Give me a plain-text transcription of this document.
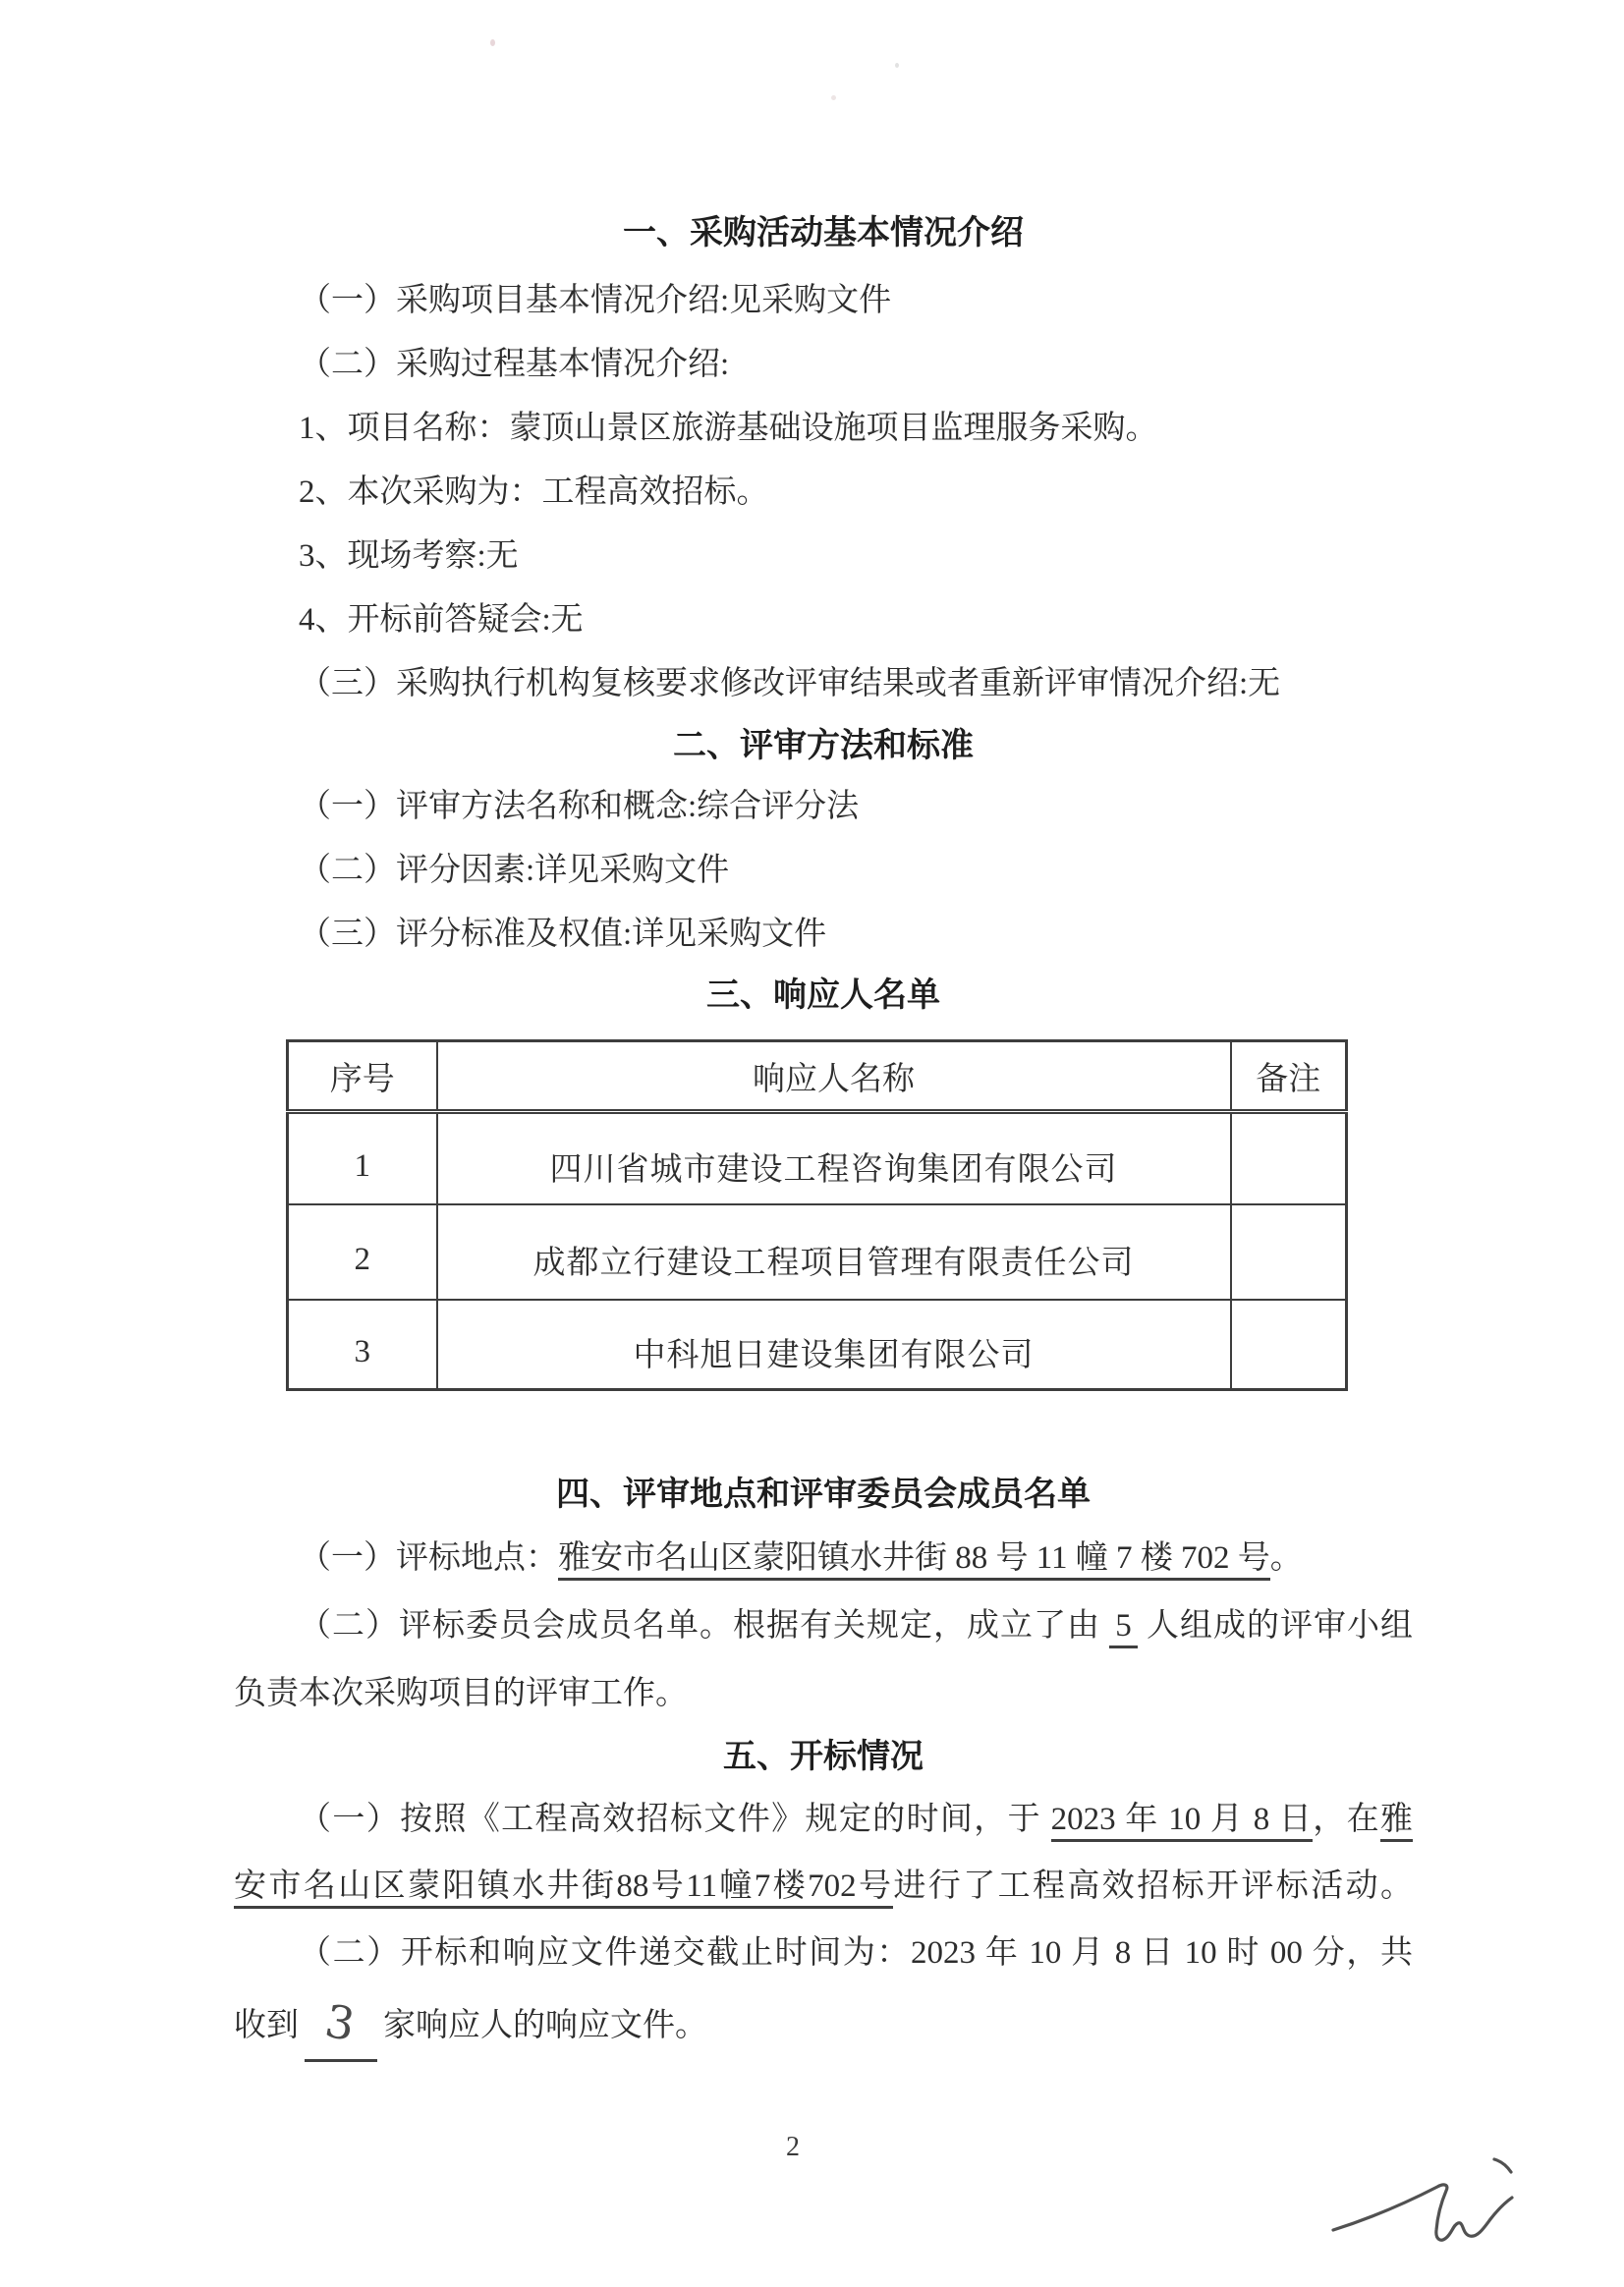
一、采购活动基本情况介绍

（一）采购项目基本情况介绍:见采购文件

（二）采购过程基本情况介绍:

1、项目名称：蒙顶山景区旅游基础设施项目监理服务采购。

2、本次采购为：工程高效招标。

3、现场考察:无

4、开标前答疑会:无

（三）采购执行机构复核要求修改评审结果或者重新评审情况介绍:无

二、评审方法和标准

（一）评审方法名称和概念:综合评分法

（二）评分因素:详见采购文件

（三）评分标准及权值:详见采购文件

三、响应人名单
序号	响应人名称	备注
1	四川省城市建设工程咨询集团有限公司	
2	成都立行建设工程项目管理有限责任公司	
3	中科旭日建设集团有限公司	
四、评审地点和评审委员会成员名单

（一）评标地点：雅安市名山区蒙阳镇水井街 88 号 11 幢 7 楼 702 号。

（二）评标委员会成员名单。根据有关规定，成立了由 5 人组成的评审小组

负责本次采购项目的评审工作。

五、开标情况

（一）按照《工程高效招标文件》规定的时间，于 2023 年 10 月 8 日，在雅

安市名山区蒙阳镇水井街88号11幢7楼702号进行了工程高效招标开评标活动。

（二）开标和响应文件递交截止时间为：2023 年 10 月 8 日 10 时 00 分，共

收到 3 家响应人的响应文件。

2
